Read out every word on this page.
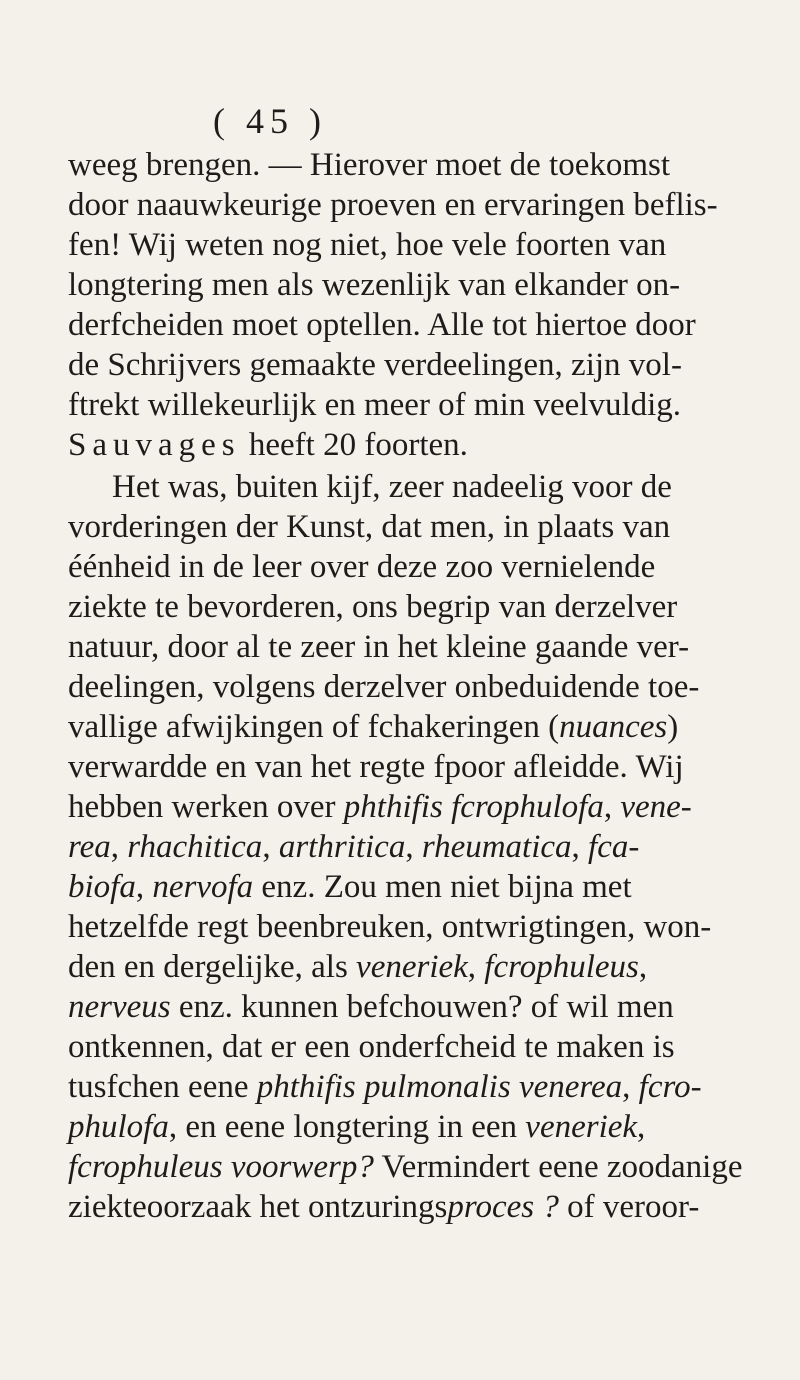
( 45 )
weeg brengen. — Hierover moet de toekomst
door naauwkeurige proeven en ervaringen beflis-
fen! Wij weten nog niet, hoe vele foorten van
longtering men als wezenlijk van elkander on-
derfcheiden moet optellen. Alle tot hiertoe door
de Schrijvers gemaakte verdeelingen, zijn vol-
ftrekt willekeurlijk en meer of min veelvuldig.
Sauvages heeft 20 foorten.
Het was, buiten kijf, zeer nadeelig voor de
vorderingen der Kunst, dat men, in plaats van
éénheid in de leer over deze zoo vernielende
ziekte te bevorderen, ons begrip van derzelver
natuur, door al te zeer in het kleine gaande ver-
deelingen, volgens derzelver onbeduidende toe-
vallige afwijkingen of fchakeringen (nuances)
verwardde en van het regte fpoor afleidde. Wij
hebben werken over phthifis fcrophulofa, vene-
rea, rhachitica, arthritica, rheumatica, fca-
biofa, nervofa enz. Zou men niet bijna met
hetzelfde regt beenbreuken, ontwrigtingen, won-
den en dergelijke, als veneriek, fcrophuleus,
nerveus enz. kunnen befchouwen? of wil men
ontkennen, dat er een onderfcheid te maken is
tusfchen eene phthifis pulmonalis venerea, fcro-
phulofa, en eene longtering in een veneriek,
fcrophuleus voorwerp? Vermindert eene zoodanige
ziekteoorzaak het ontzuringsproces ? of veroor-
